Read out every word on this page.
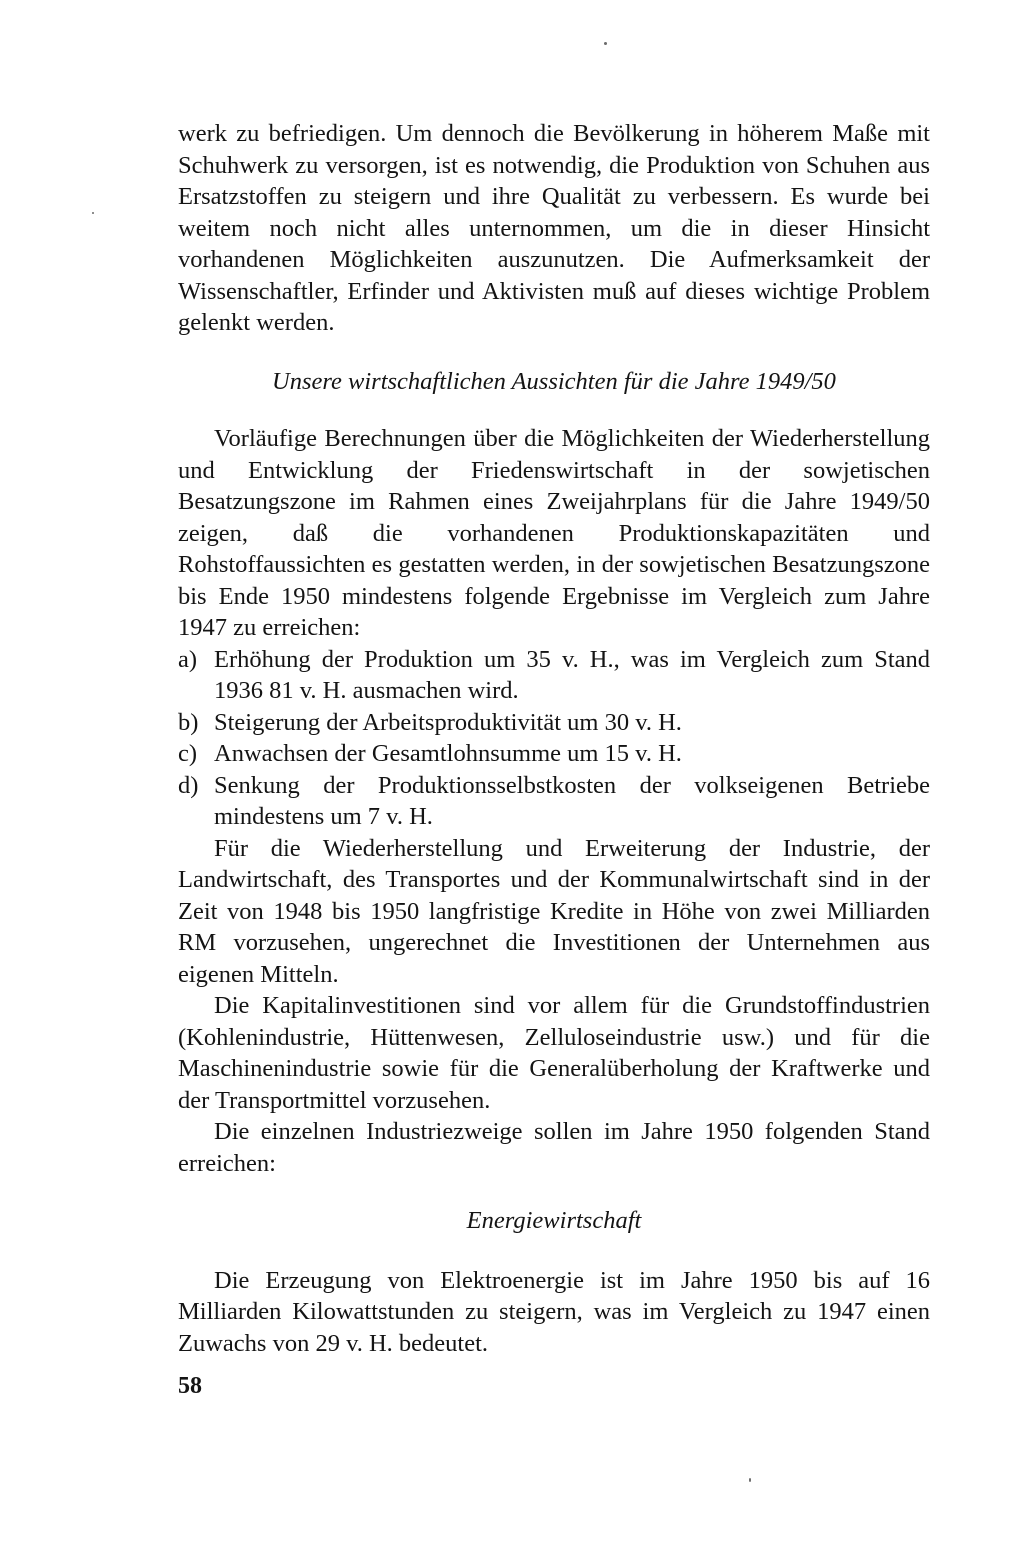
werk zu befriedigen. Um dennoch die Bevölkerung in höherem Maße mit Schuhwerk zu versorgen, ist es notwendig, die Produktion von Schuhen aus Ersatzstoffen zu steigern und ihre Qualität zu verbessern. Es wurde bei weitem noch nicht alles unternommen, um die in dieser Hinsicht vorhandenen Möglichkeiten auszunutzen. Die Aufmerksamkeit der Wissenschaftler, Erfinder und Aktivisten muß auf dieses wichtige Problem gelenkt werden.

Unsere wirtschaftlichen Aussichten für die Jahre 1949/50

Vorläufige Berechnungen über die Möglichkeiten der Wiederherstellung und Entwicklung der Friedenswirtschaft in der sowjetischen Besatzungszone im Rahmen eines Zweijahrplans für die Jahre 1949/50 zeigen, daß die vorhandenen Produktionskapazitäten und Rohstoffaussichten es gestatten werden, in der sowjetischen Besatzungszone bis Ende 1950 mindestens folgende Ergebnisse im Vergleich zum Jahre 1947 zu erreichen:

a) Erhöhung der Produktion um 35 v. H., was im Vergleich zum Stand 1936 81 v. H. ausmachen wird.
b) Steigerung der Arbeitsproduktivität um 30 v. H.
c) Anwachsen der Gesamtlohnsumme um 15 v. H.
d) Senkung der Produktionsselbstkosten der volkseigenen Betriebe mindestens um 7 v. H.

Für die Wiederherstellung und Erweiterung der Industrie, der Landwirtschaft, des Transportes und der Kommunalwirtschaft sind in der Zeit von 1948 bis 1950 langfristige Kredite in Höhe von zwei Milliarden RM vorzusehen, ungerechnet die Investitionen der Unternehmen aus eigenen Mitteln.

Die Kapitalinvestitionen sind vor allem für die Grundstoffindustrien (Kohlenindustrie, Hüttenwesen, Zelluloseindustrie usw.) und für die Maschinenindustrie sowie für die Generalüberholung der Kraftwerke und der Transportmittel vorzusehen.

Die einzelnen Industriezweige sollen im Jahre 1950 folgenden Stand erreichen:

Energiewirtschaft

Die Erzeugung von Elektroenergie ist im Jahre 1950 bis auf 16 Milliarden Kilowattstunden zu steigern, was im Vergleich zu 1947 einen Zuwachs von 29 v. H. bedeutet.

58
